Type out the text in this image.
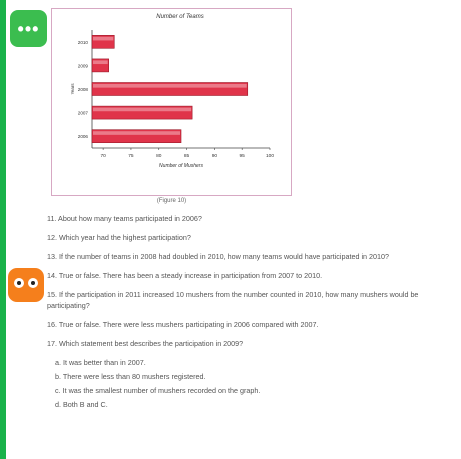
•••
Number of Teams
2010
2009
2008
2007
2006
70	75	80	85	90	95	100
Number of Mushers
Years
(Figure 10)

11. About how many teams participated in 2006?

12. Which year had the highest participation?

13. If the number of teams in 2008 had doubled in 2010, how many teams would have participated in 2010?

14. True or false. There has been a steady increase in participation from 2007 to 2010.

15. If the participation in 2011 increased 10 mushers from the number counted in 2010, how many mushers would be participating?

16. True or false. There were less mushers participating in 2006 compared with 2007.

17. Which statement best describes the participation in 2009?

a. It was better than in 2007.

b. There were less than 80 mushers registered.

c. It was the smallest number of mushers recorded on the graph.

d. Both B and C.
